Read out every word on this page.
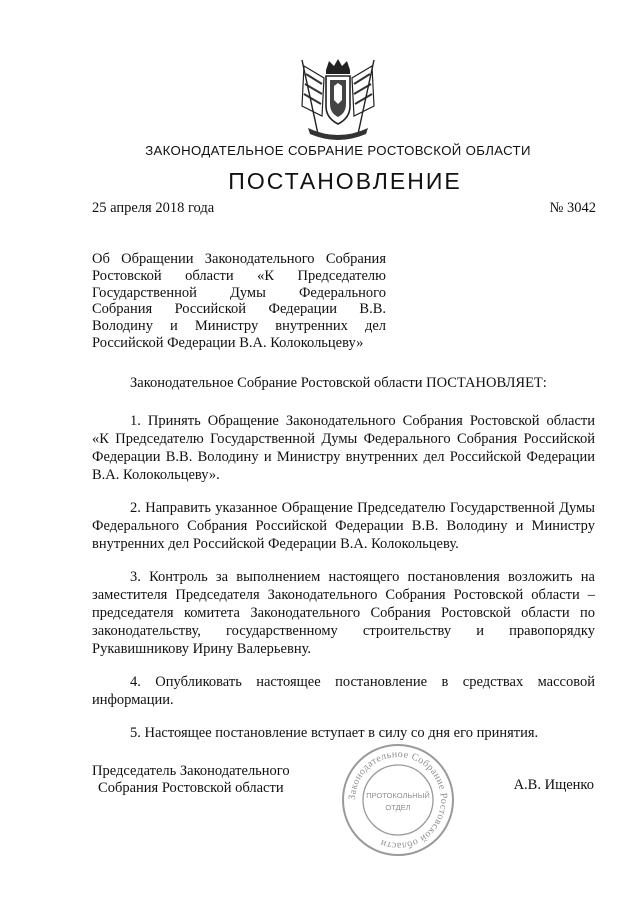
ЗАКОНОДАТЕЛЬНОЕ СОБРАНИЕ РОСТОВСКОЙ ОБЛАСТИ
ПОСТАНОВЛЕНИЕ
25 апреля 2018 года	№ 3042
Об Обращении Законодательного Собрания Ростовской области «К Председателю Государственной Думы Федерального Собрания Российской Федерации В.В. Володину и Министру внутренних дел Российской Федерации В.А. Колокольцеву»
Законодательное Собрание Ростовской области ПОСТАНОВЛЯЕТ:

1. Принять Обращение Законодательного Собрания Ростовской области «К Председателю Государственной Думы Федерального Собрания Российской Федерации В.В. Володину и Министру внутренних дел Российской Федерации В.А. Колокольцеву».

2. Направить указанное Обращение Председателю Государственной Думы Федерального Собрания Российской Федерации В.В. Володину и Министру внутренних дел Российской Федерации В.А. Колокольцеву.

3. Контроль за выполнением настоящего постановления возложить на заместителя Председателя Законодательного Собрания Ростовской области – председателя комитета Законодательного Собрания Ростовской области по законодательству, государственному строительству и правопорядку Рукавишникову Ирину Валерьевну.

4. Опубликовать настоящее постановление в средствах массовой информации.

5. Настоящее постановление вступает в силу со дня его принятия.

Председатель Законодательного
Собрания Ростовской области	А.В. Ищенко
Законодательное Собрание Ростовской области
ПРОТОКОЛЬНЫЙ
ОТДЕЛ
